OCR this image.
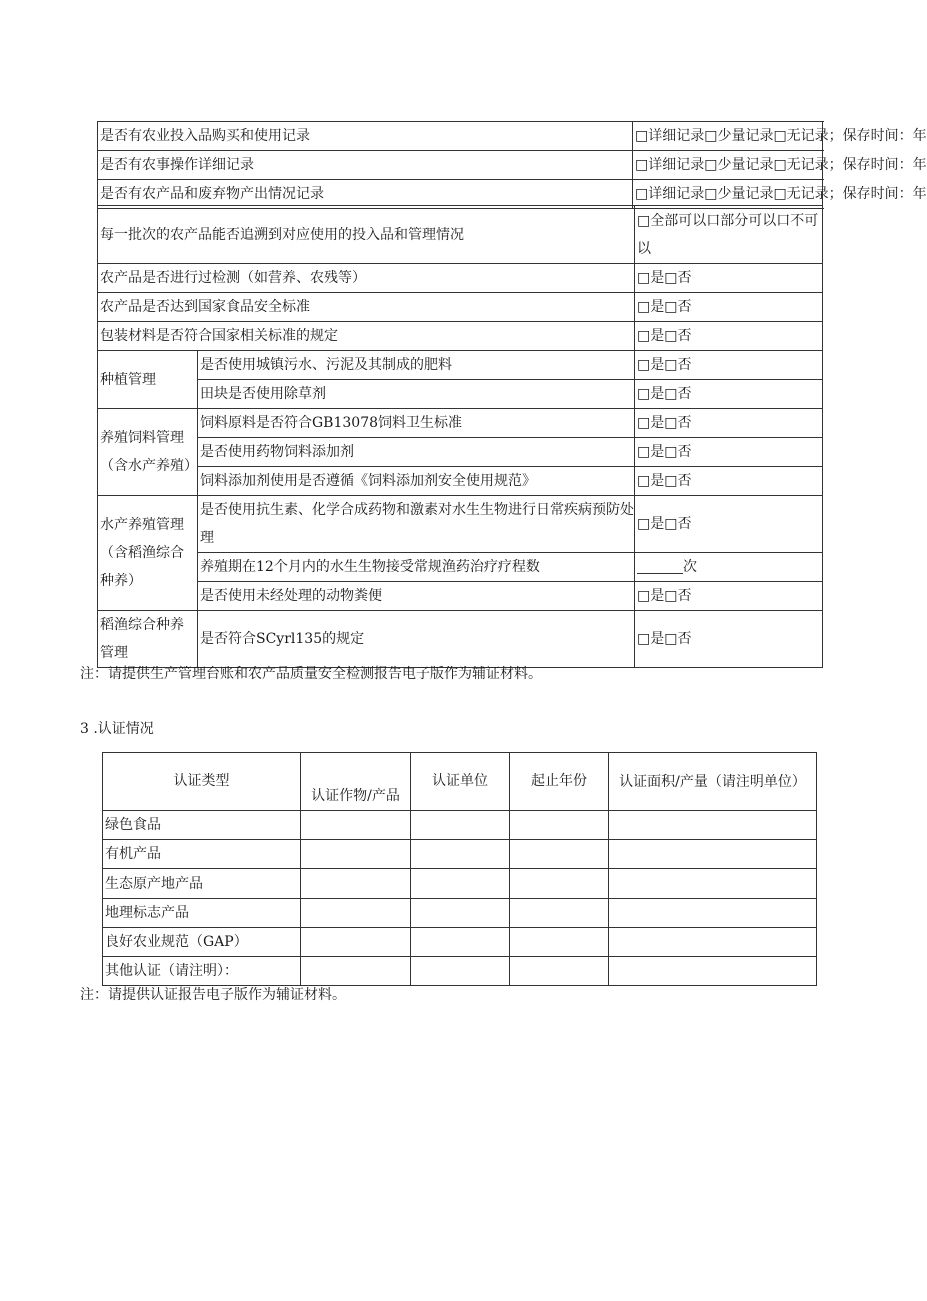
是否有农业投入品购买和使用记录	□详细记录□少量记录□无记录；保存时间：年
是否有农事操作详细记录	□详细记录□少量记录□无记录；保存时间：年
是否有农产品和废弃物产出情况记录	□详细记录□少量记录□无记录；保存时间：年
每一批次的农产品能否追溯到对应使用的投入品和管理情况		□全部可以口部分可以口不可以
农产品是否进行过检测（如营养、农残等）		□是□否
农产品是否达到国家食品安全标准		□是□否
包装材料是否符合国家相关标准的规定		□是□否
种植管理	是否使用城镇污水、污泥及其制成的肥料	□是□否
	田块是否使用除草剂	□是□否
养殖饲料管理（含水产养殖）	饲料原料是否符合GB13078饲料卫生标准	□是□否
	是否使用药物饲料添加剂	□是□否
	饲料添加剂使用是否遵循《饲料添加剂安全使用规范》	□是□否
水产养殖管理（含稻渔综合种养）	是否使用抗生素、化学合成药物和激素对水生生物进行日常疾病预防处理	□是□否
	养殖期在12个月内的水生生物接受常规渔药治疗疗程数	次
	是否使用未经处理的动物粪便	□是□否
稻渔综合种养管理	是否符合SCyrl135的规定	□是□否
注：请提供生产管理台账和农产品质量安全检测报告电子版作为辅证材料。
3 .认证情况
认证类型	认证作物/产品	认证单位	起止年份	认证面积/产量（请注明单位）
绿色食品				
有机产品				
生态原产地产品				
地理标志产品				
良好农业规范（GAP）				
其他认证（请注明）：				
注：请提供认证报告电子版作为辅证材料。
